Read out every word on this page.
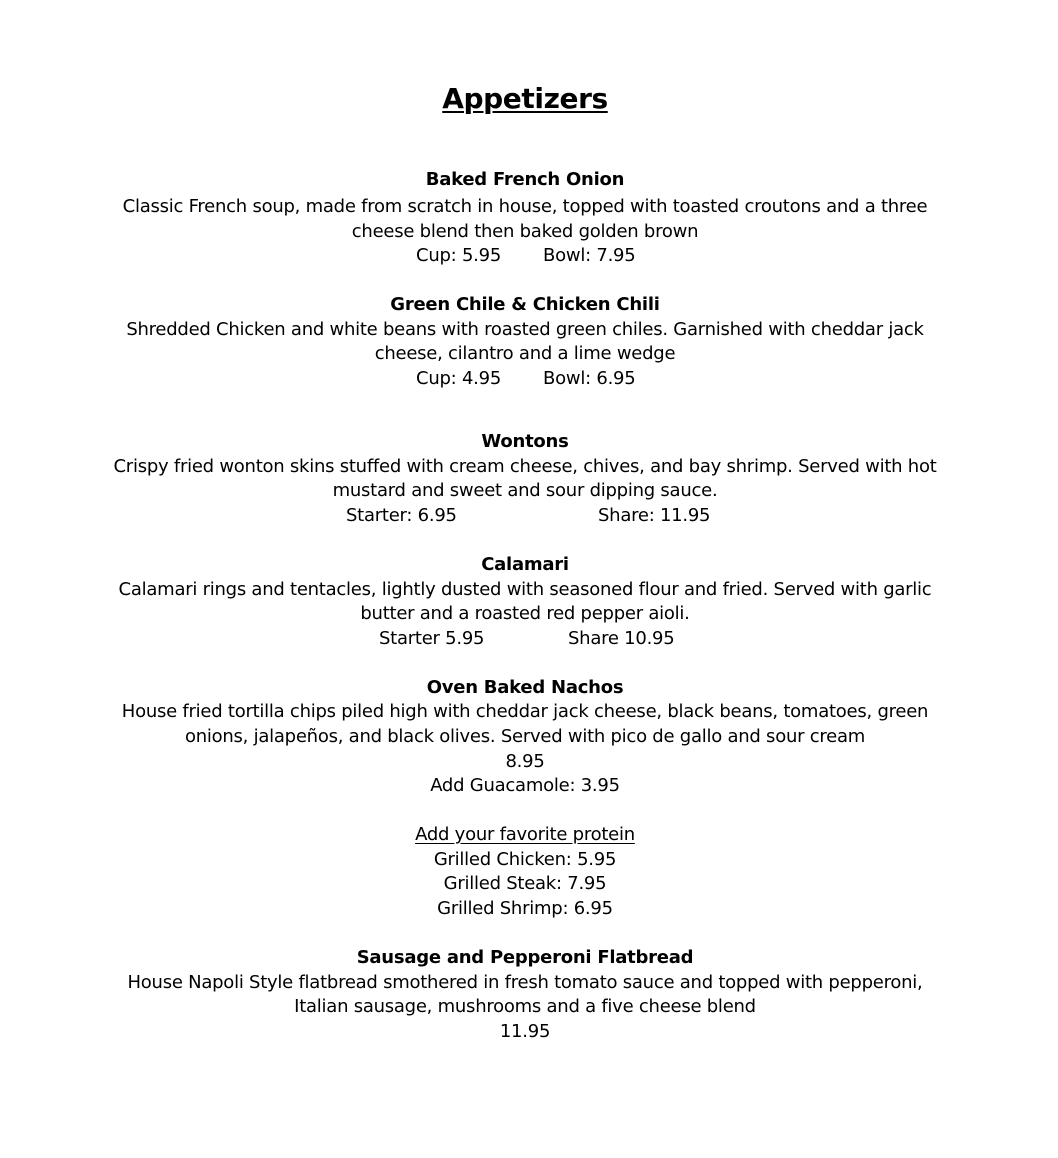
Appetizers
Baked French Onion
Classic French soup, made from scratch in house, topped with toasted croutons and a three
cheese blend then baked golden brown
Cup: 5.95 Bowl: 7.95
Green Chile & Chicken Chili
Shredded Chicken and white beans with roasted green chiles. Garnished with cheddar jack
cheese, cilantro and a lime wedge
Cup: 4.95 Bowl: 6.95
Wontons
Crispy fried wonton skins stuffed with cream cheese, chives, and bay shrimp. Served with hot
mustard and sweet and sour dipping sauce.
Starter: 6.95	Share: 11.95
Calamari
Calamari rings and tentacles, lightly dusted with seasoned flour and fried. Served with garlic
butter and a roasted red pepper aioli.
Starter 5.95	Share 10.95
Oven Baked Nachos
House fried tortilla chips piled high with cheddar jack cheese, black beans, tomatoes, green
onions, jalapeños, and black olives. Served with pico de gallo and sour cream
8.95
Add Guacamole: 3.95
Add your favorite protein
Grilled Chicken: 5.95
Grilled Steak: 7.95
Grilled Shrimp: 6.95
Sausage and Pepperoni Flatbread
House Napoli Style flatbread smothered in fresh tomato sauce and topped with pepperoni,
Italian sausage, mushrooms and a five cheese blend
11.95
